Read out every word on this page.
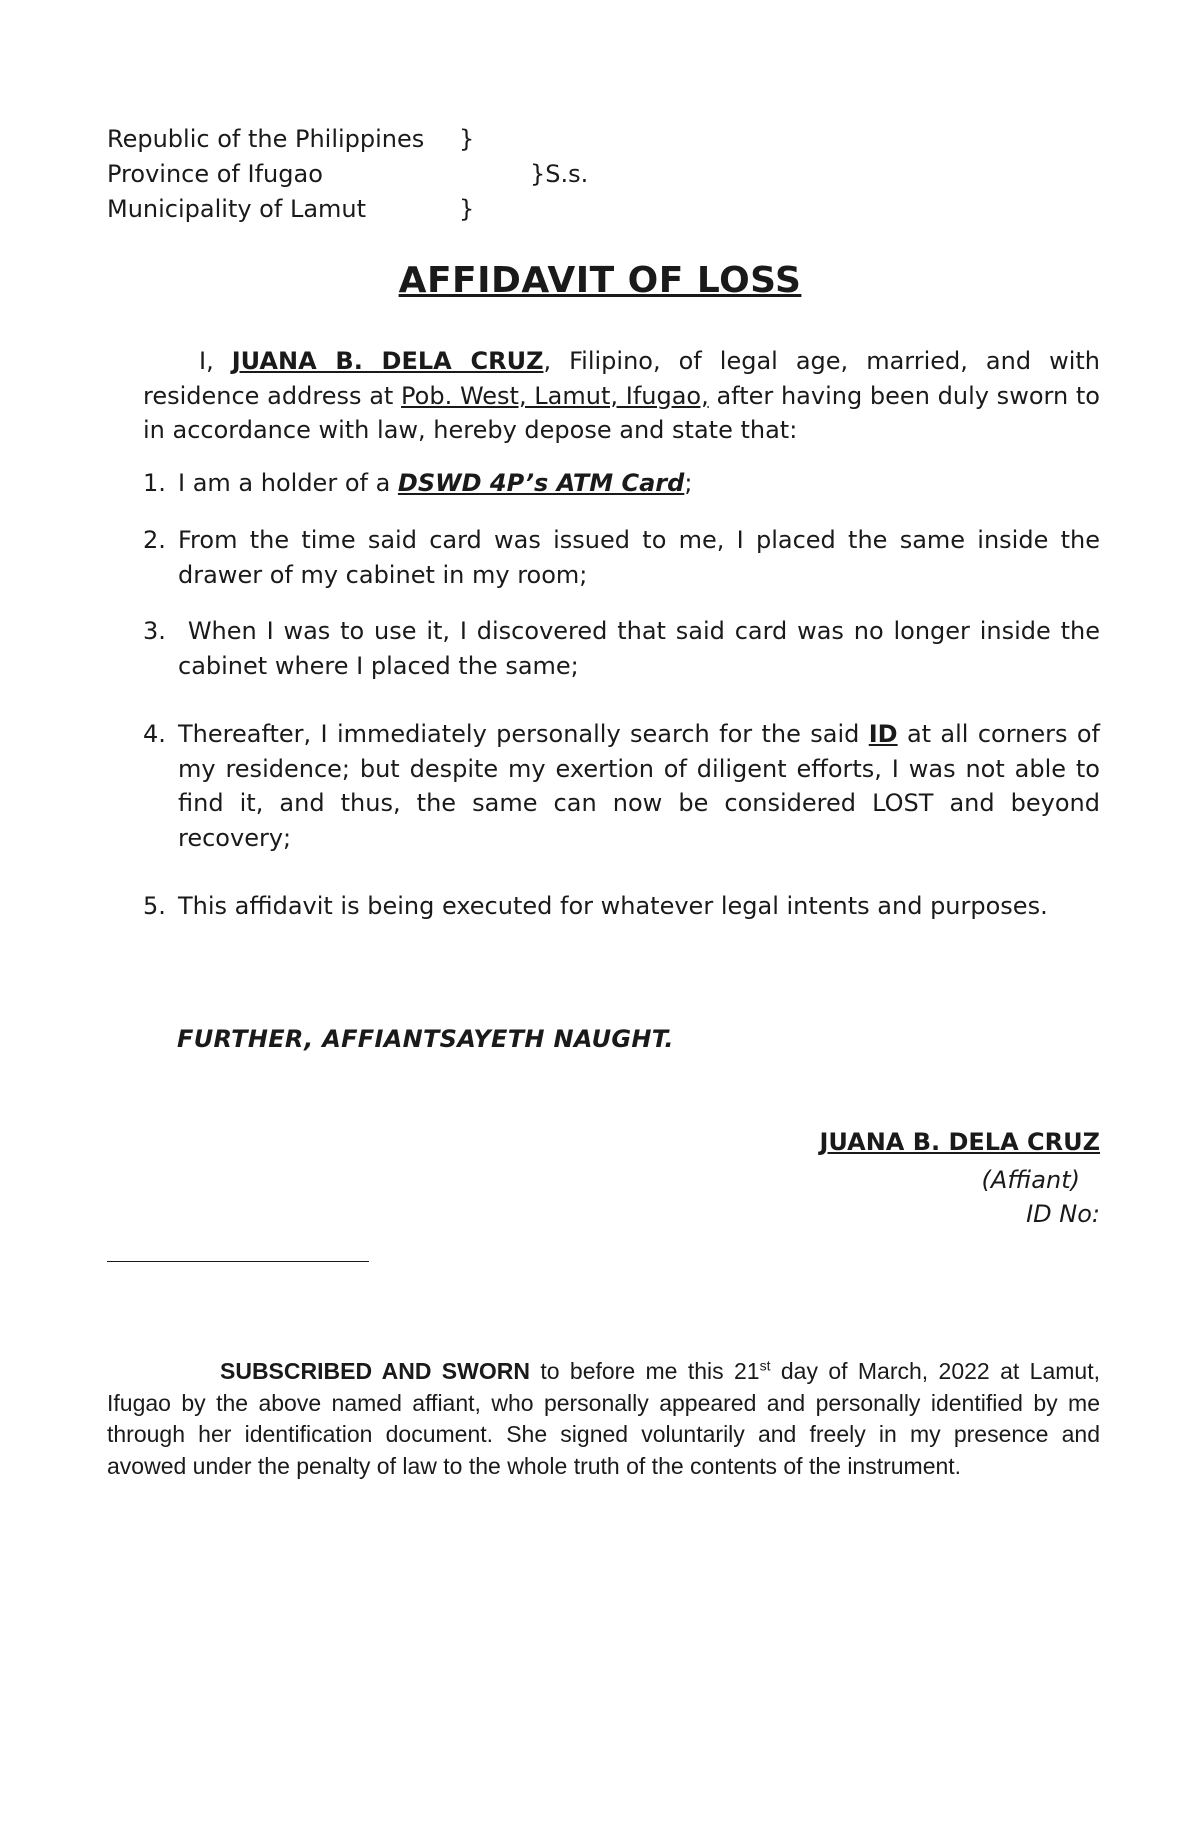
Republic of the Philippines }
Province of Ifugao	}S.s.
Municipality of Lamut	}
AFFIDAVIT OF LOSS
I, JUANA B. DELA CRUZ, Filipino, of legal age, married, and with residence address at Pob. West, Lamut, Ifugao, after having been duly sworn to in accordance with law, hereby depose and state that:
1. I am a holder of a DSWD 4P’s ATM Card;
2. From the time said card was issued to me, I placed the same inside the drawer of my cabinet in my room;
3. When I was to use it, I discovered that said card was no longer inside the cabinet where I placed the same;
4. Thereafter, I immediately personally search for the said ID at all corners of my residence; but despite my exertion of diligent efforts, I was not able to find it, and thus, the same can now be considered LOST and beyond recovery;
5. This affidavit is being executed for whatever legal intents and purposes.
FURTHER, AFFIANTSAYETH NAUGHT.
JUANA B. DELA CRUZ
(Affiant)
ID No:
SUBSCRIBED AND SWORN to before me this 21st day of March, 2022 at Lamut, Ifugao by the above named affiant, who personally appeared and personally identified by me through her identification document. She signed voluntarily and freely in my presence and avowed under the penalty of law to the whole truth of the contents of the instrument.
